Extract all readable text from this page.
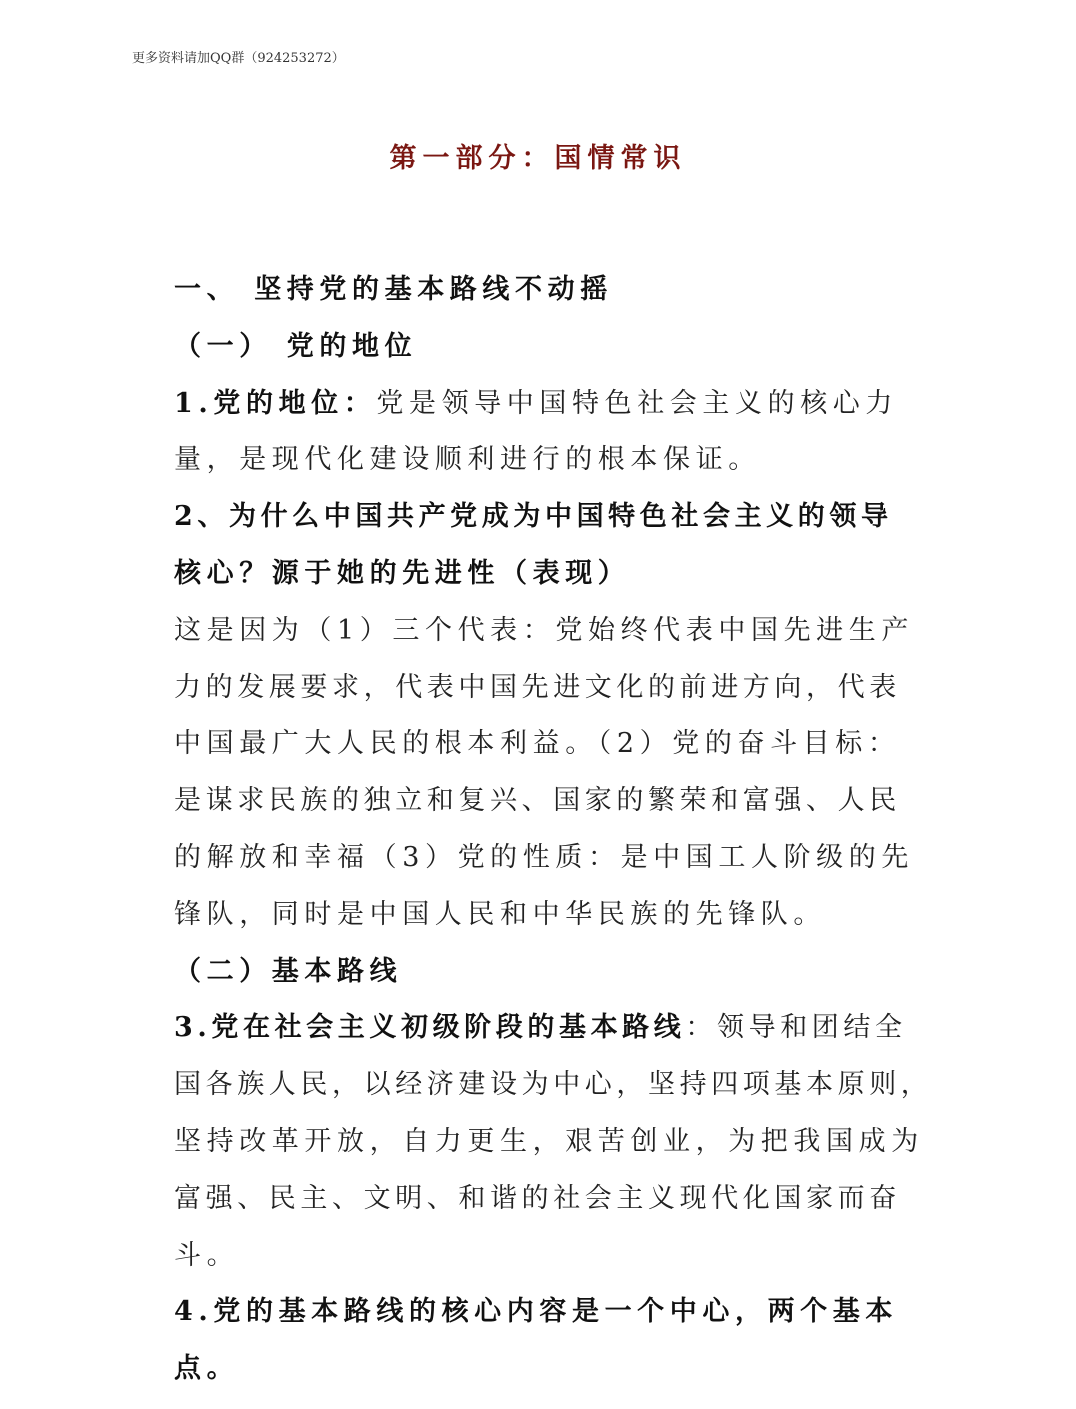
更多资料请加QQ群（924253272）
第一部分：国情常识
一、 坚持党的基本路线不动摇
（一） 党的地位
1.党的地位：党是领导中国特色社会主义的核心力
量，是现代化建设顺利进行的根本保证。
2、为什么中国共产党成为中国特色社会主义的领导
核心？源于她的先进性（表现）
这是因为（1）三个代表：党始终代表中国先进生产
力的发展要求，代表中国先进文化的前进方向，代表
中国最广大人民的根本利益。（2）党的奋斗目标：
是谋求民族的独立和复兴、国家的繁荣和富强、人民
的解放和幸福（3）党的性质：是中国工人阶级的先
锋队，同时是中国人民和中华民族的先锋队。
（二）基本路线
3.党在社会主义初级阶段的基本路线：领导和团结全
国各族人民，以经济建设为中心，坚持四项基本原则，
坚持改革开放，自力更生，艰苦创业，为把我国成为
富强、民主、文明、和谐的社会主义现代化国家而奋
斗。
4.党的基本路线的核心内容是一个中心，两个基本
点。
